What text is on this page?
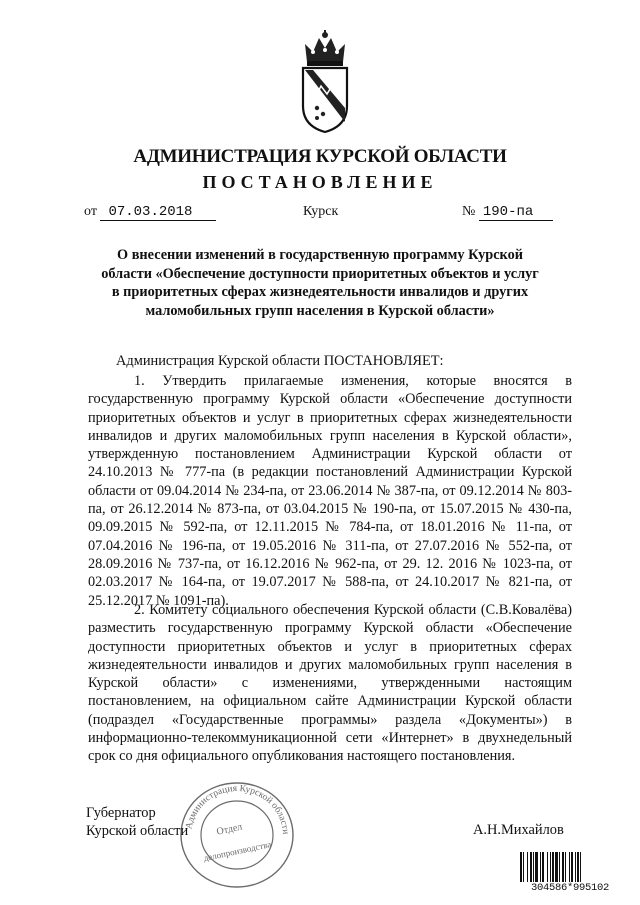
АДМИНИСТРАЦИЯ КУРСКОЙ ОБЛАСТИ
ПОСТАНОВЛЕНИЕ
от 07.03.2018	Курск	№ 190-па
О внесении изменений в государственную программу Курской области «Обеспечение доступности приоритетных объектов и услуг в приоритетных сферах жизнедеятельности инвалидов и других маломобильных групп населения в Курской области»
Администрация Курской области ПОСТАНОВЛЯЕТ:
1. Утвердить прилагаемые изменения, которые вносятся в государственную программу Курской области «Обеспечение доступности приоритетных объектов и услуг в приоритетных сферах жизнедеятельности инвалидов и других маломобильных групп населения в Курской области», утвержденную постановлением Администрации Курской области от 24.10.2013 № 777-па (в редакции постановлений Администрации Курской области от 09.04.2014 № 234-па, от 23.06.2014 № 387-па, от 09.12.2014 № 803-па, от 26.12.2014 № 873-па, от 03.04.2015 № 190-па, от 15.07.2015 № 430-па, 09.09.2015 № 592-па, от 12.11.2015 № 784-па, от 18.01.2016 № 11-па, от 07.04.2016 № 196-па, от 19.05.2016 № 311-па, от 27.07.2016 № 552-па, от 28.09.2016 № 737-па, от 16.12.2016 № 962-па, от 29. 12. 2016 № 1023-па, от 02.03.2017 № 164-па, от 19.07.2017 № 588-па, от 24.10.2017 № 821-па, от 25.12.2017 № 1091-па).
2. Комитету социального обеспечения Курской области (С.В.Ковалёва) разместить государственную программу Курской области «Обеспечение доступности приоритетных объектов и услуг в приоритетных сферах жизнедеятельности инвалидов и других маломобильных групп населения в Курской области» с изменениями, утвержденными настоящим постановлением, на официальном сайте Администрации Курской области (подраздел «Государственные программы» раздела «Документы») в информационно-телекоммуникационной сети «Интернет» в двухнедельный срок со дня официального опубликования настоящего постановления.
Администрация Курской области
Отдел
делопроизводства
Губернатор
Курской области	А.Н.Михайлов
304586*995102
